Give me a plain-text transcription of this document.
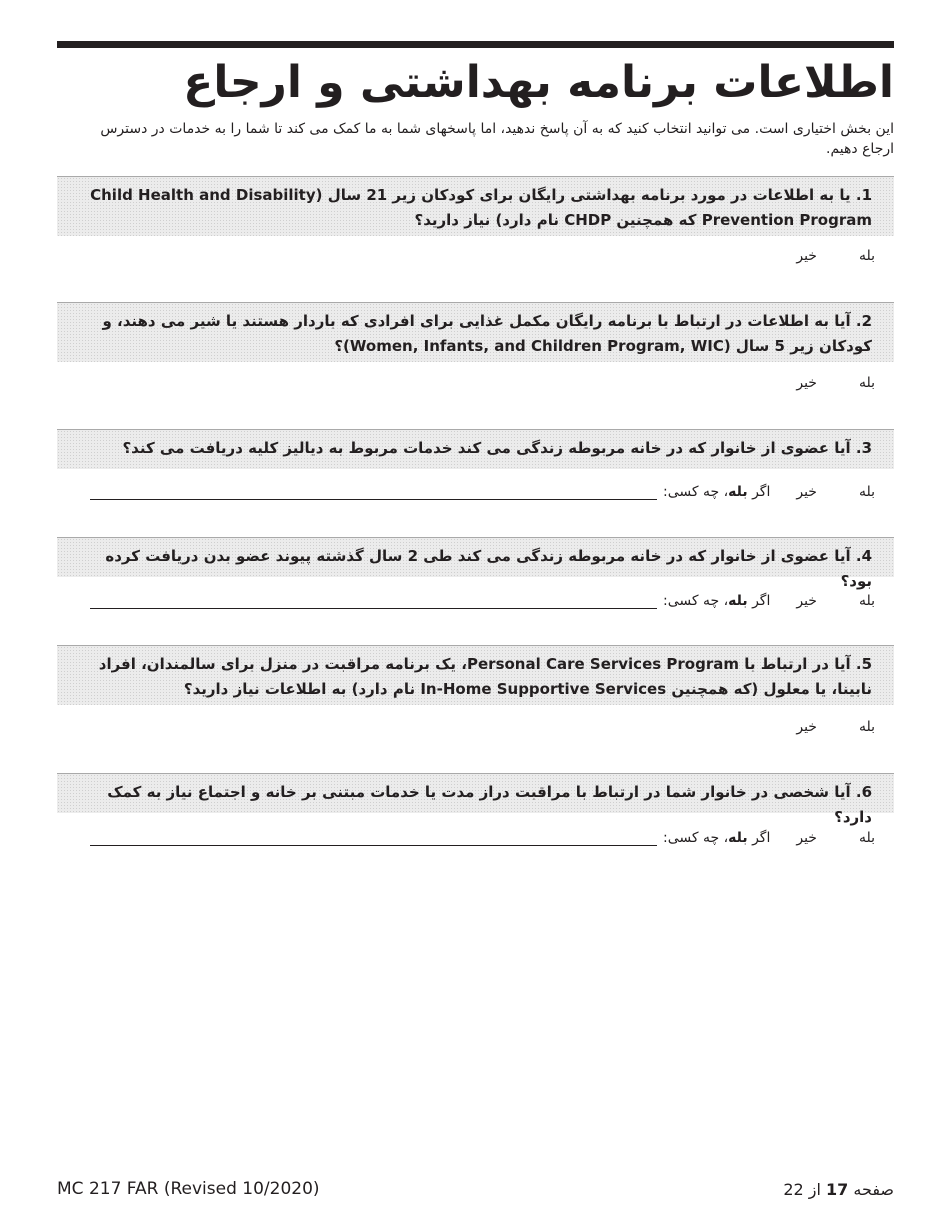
اطلاعات برنامه بهداشتی و ارجاع

این بخش اختیاری است. می توانید انتخاب کنید که به آن پاسخ ندهید، اما پاسخهای شما به ما کمک می کند تا شما را به خدمات در دسترس ارجاع دهیم.

1. یا به اطلاعات در مورد برنامه بهداشتی رایگان برای کودکان زیر 21 سال (Child Health and Disability Prevention Program که همچنین CHDP نام دارد) نیاز دارید؟
بله
خیر
2. آیا به اطلاعات در ارتباط با برنامه رایگان مکمل غذایی برای افرادی که باردار هستند یا شیر می دهند، و کودکان زیر 5 سال (Women, Infants, and Children Program, WIC)؟
بله
خیر
3. آیا عضوی از خانوار که در خانه مربوطه زندگی می کند خدمات مربوط به دیالیز کلیه دریافت می کند؟
بله
خیر
اگر بله، چه کسی:
4. آیا عضوی از خانوار که در خانه مربوطه زندگی می کند طی 2 سال گذشته پیوند عضو بدن دریافت کرده بود؟
بله
خیر
اگر بله، چه کسی:
5. آیا در ارتباط با Personal Care Services Program، یک برنامه مراقبت در منزل برای سالمندان، افراد نابینا، یا معلول (که همچنین In-Home Supportive Services نام دارد) به اطلاعات نیاز دارید؟
بله
خیر
6. آیا شخصی در خانوار شما در ارتباط با مراقبت دراز مدت یا خدمات مبتنی بر خانه و اجتماع نیاز به کمک دارد؟
بله
خیر
اگر بله، چه کسی:
MC 217 FAR (Revised 10/2020)	صفحه 17 از 22
